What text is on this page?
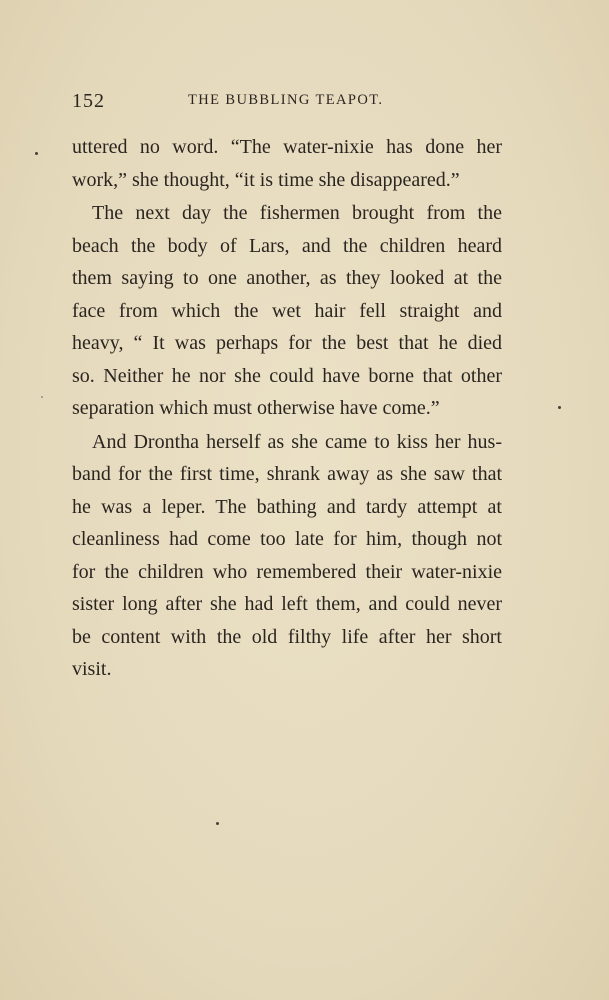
152	THE BUBBLING TEAPOT.
uttered no word. “The water-nixie has done her
work,” she thought, “it is time she disappeared.”
The next day the fishermen brought from the
beach the body of Lars, and the children heard
them saying to one another, as they looked at the
face from which the wet hair fell straight and
heavy, “ It was perhaps for the best that he died
so. Neither he nor she could have borne that other
separation which must otherwise have come.”
And Drontha herself as she came to kiss her hus-
band for the first time, shrank away as she saw that
he was a leper. The bathing and tardy attempt at
cleanliness had come too late for him, though not
for the children who remembered their water-nixie
sister long after she had left them, and could never
be content with the old filthy life after her short
visit.
